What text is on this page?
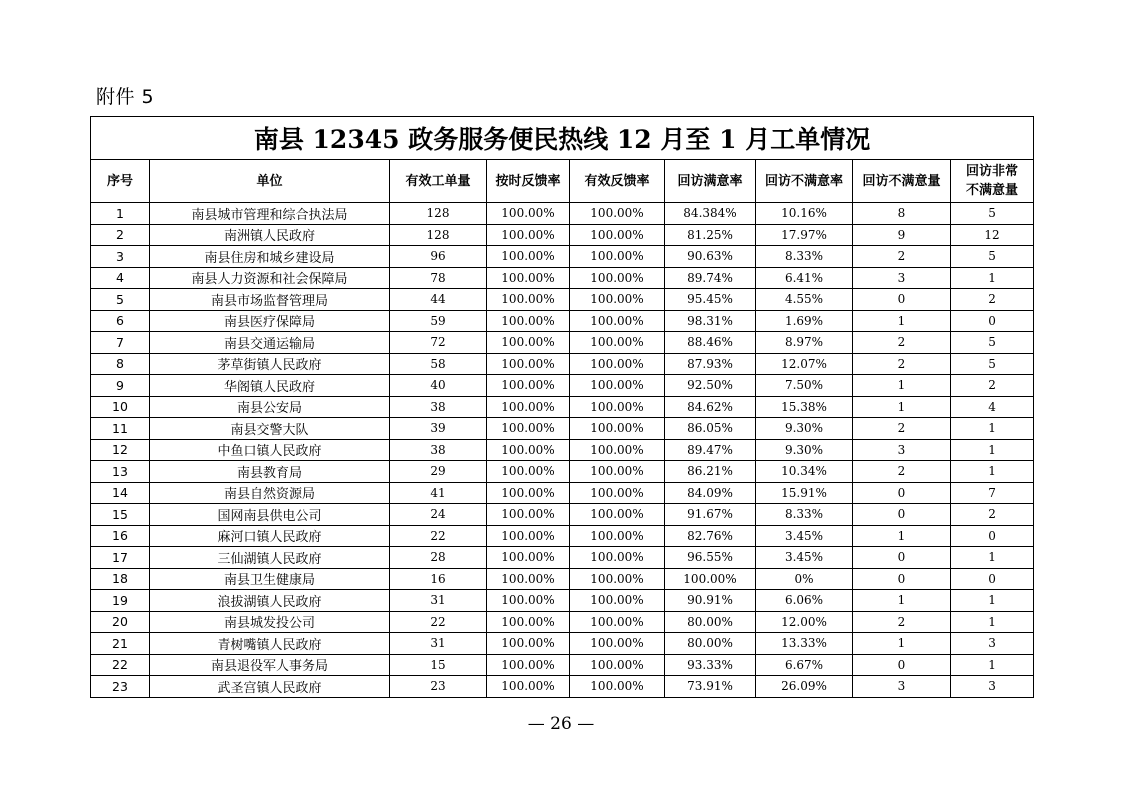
附件 5
南县 12345 政务服务便民热线 12 月至 1 月工单情况								
序号	单位	有效工单量	按时反馈率	有效反馈率	回访满意率	回访不满意率	回访不满意量	回访非常
不满意量
1	南县城市管理和综合执法局	128	100.00%	100.00%	84.384%	10.16%	8	5
2	南洲镇人民政府	128	100.00%	100.00%	81.25%	17.97%	9	12
3	南县住房和城乡建设局	96	100.00%	100.00%	90.63%	8.33%	2	5
4	南县人力资源和社会保障局	78	100.00%	100.00%	89.74%	6.41%	3	1
5	南县市场监督管理局	44	100.00%	100.00%	95.45%	4.55%	0	2
6	南县医疗保障局	59	100.00%	100.00%	98.31%	1.69%	1	0
7	南县交通运输局	72	100.00%	100.00%	88.46%	8.97%	2	5
8	茅草街镇人民政府	58	100.00%	100.00%	87.93%	12.07%	2	5
9	华阁镇人民政府	40	100.00%	100.00%	92.50%	7.50%	1	2
10	南县公安局	38	100.00%	100.00%	84.62%	15.38%	1	4
11	南县交警大队	39	100.00%	100.00%	86.05%	9.30%	2	1
12	中鱼口镇人民政府	38	100.00%	100.00%	89.47%	9.30%	3	1
13	南县教育局	29	100.00%	100.00%	86.21%	10.34%	2	1
14	南县自然资源局	41	100.00%	100.00%	84.09%	15.91%	0	7
15	国网南县供电公司	24	100.00%	100.00%	91.67%	8.33%	0	2
16	麻河口镇人民政府	22	100.00%	100.00%	82.76%	3.45%	1	0
17	三仙湖镇人民政府	28	100.00%	100.00%	96.55%	3.45%	0	1
18	南县卫生健康局	16	100.00%	100.00%	100.00%	0%	0	0
19	浪拔湖镇人民政府	31	100.00%	100.00%	90.91%	6.06%	1	1
20	南县城发投公司	22	100.00%	100.00%	80.00%	12.00%	2	1
21	青树嘴镇人民政府	31	100.00%	100.00%	80.00%	13.33%	1	3
22	南县退役军人事务局	15	100.00%	100.00%	93.33%	6.67%	0	1
23	武圣宫镇人民政府	23	100.00%	100.00%	73.91%	26.09%	3	3
— 26 —
